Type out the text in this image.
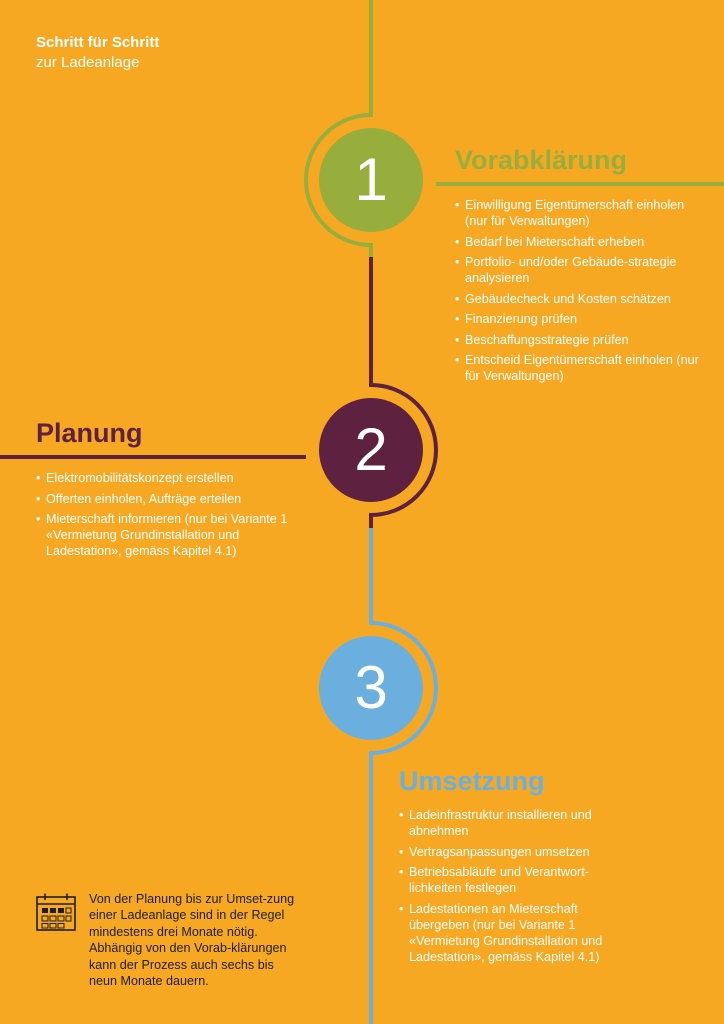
Schritt für Schritt
zur Ladeanlage
1	Vorabklärung
• Einwilligung Eigentümerschaft einholen (nur für Verwaltungen)
• Bedarf bei Mieterschaft erheben
• Portfolio- und/oder Gebäude-strategie analysieren
• Gebäudecheck und Kosten schätzen
• Finanzierung prüfen
• Beschaffungsstrategie prüfen
• Entscheid Eigentümerschaft einholen (nur für Verwaltungen)
2
Planung
• Elektromobilitätskonzept erstellen
• Offerten einholen, Aufträge erteilen
• Mieterschaft informieren (nur bei Variante 1 «Vermietung Grundinstallation und Ladestation», gemäss Kapitel 4.1)
3
Umsetzung
• Ladeinfrastruktur installieren und abnehmen
• Vertragsanpassungen umsetzen
• Betriebsabläufe und Verantwort-lichkeiten festlegen
• Ladestationen an Mieterschaft übergeben (nur bei Variante 1 «Vermietung Grundinstallation und Ladestation», gemäss Kapitel 4.1)

Von der Planung bis zur Umset-zung einer Ladeanlage sind in der Regel mindestens drei Monate nötig. Abhängig von den Vorab-klärungen kann der Prozess auch sechs bis neun Monate dauern.
